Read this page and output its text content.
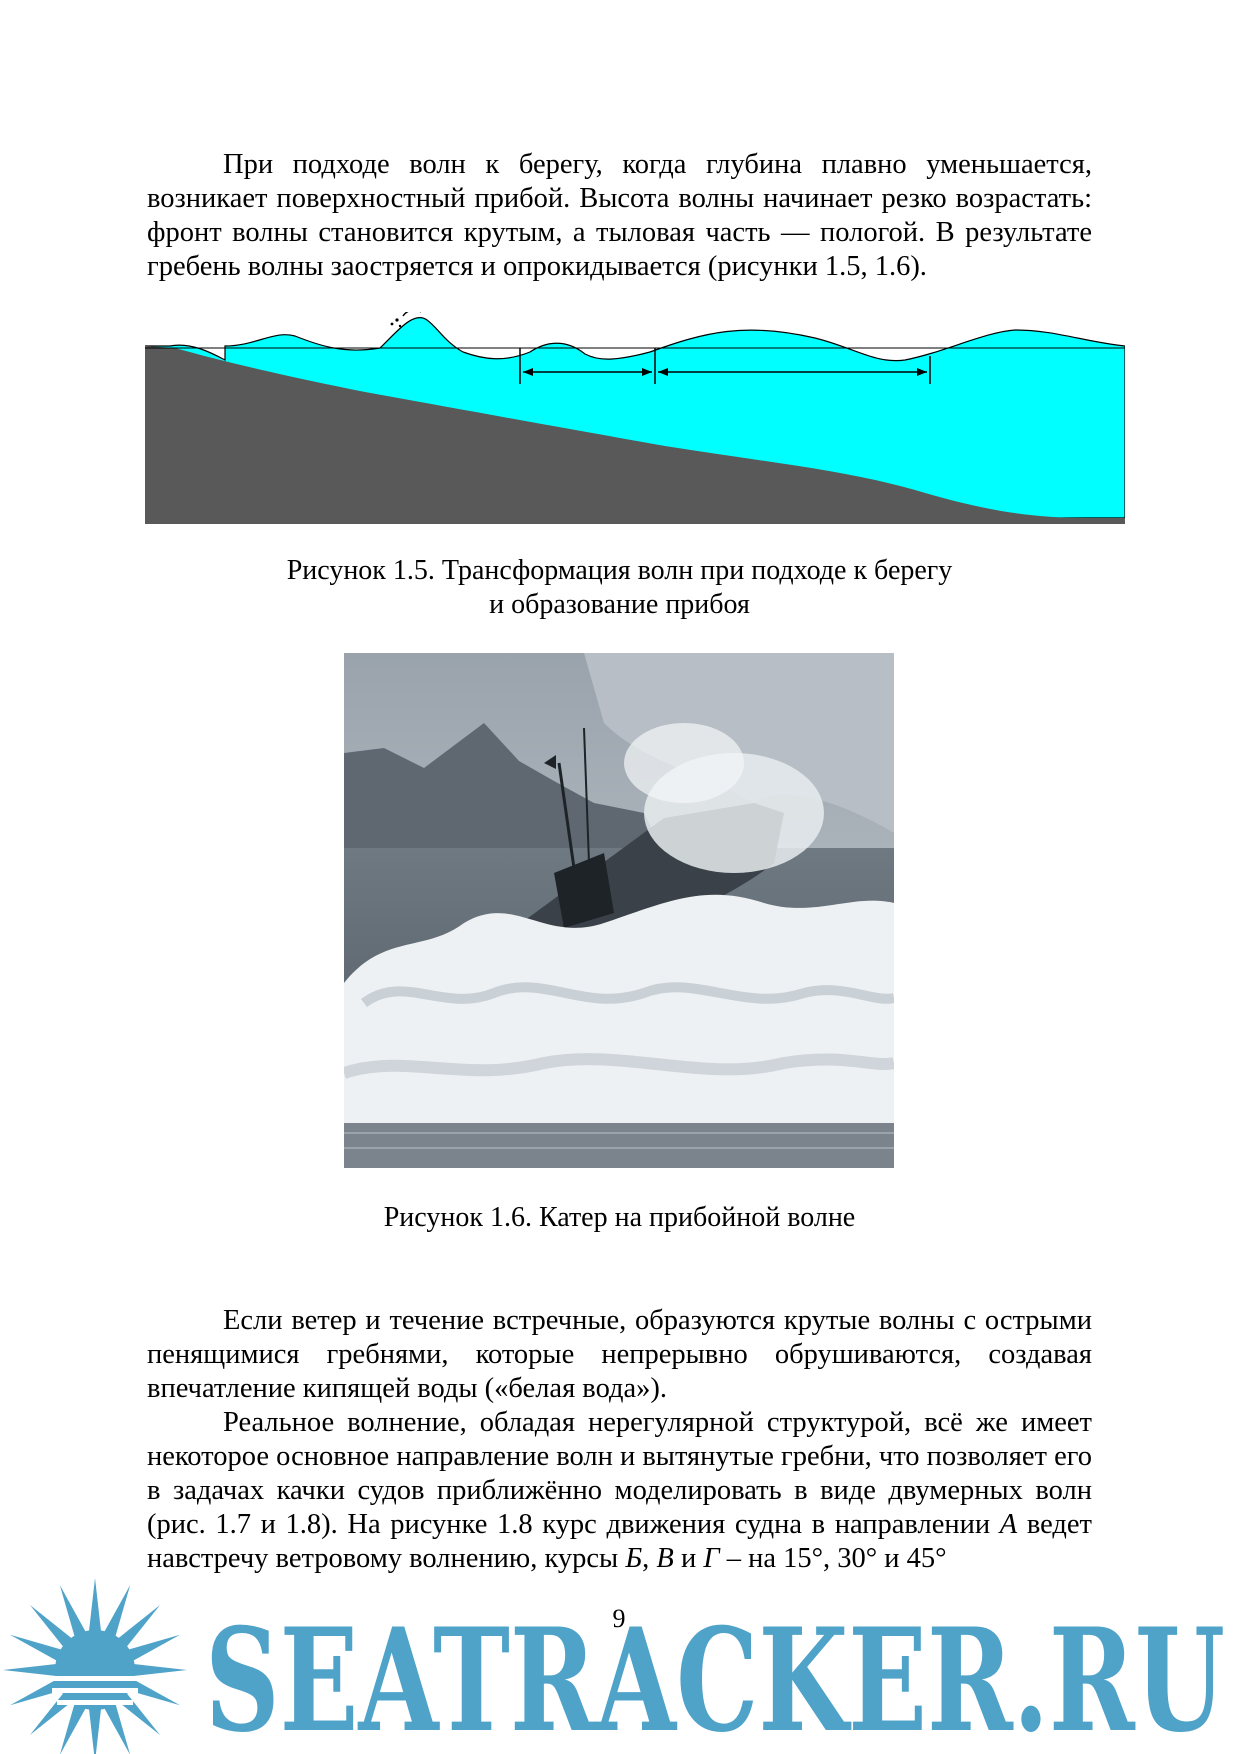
При подходе волн к берегу, когда глубина плавно уменьшается, возникает поверхностный прибой. Высота волны начинает резко возрастать: фронт волны становится крутым, а тыловая часть — пологой. В результате гребень волны заостряется и опрокидывается (рисунки 1.5, 1.6).

Рисунок 1.5. Трансформация волн при подходе к берегу
и образование прибоя

Рисунок 1.6. Катер на прибойной волне

Если ветер и течение встречные, образуются крутые волны с острыми пенящимися гребнями, которые непрерывно обрушиваются, создавая впечатление кипящей воды («белая вода»).

Реальное волнение, обладая нерегулярной структурой, всё же имеет некоторое основное направление волн и вытянутые гребни, что позволяет его в задачах качки судов приближённо моделировать в виде двумерных волн (рис. 1.7 и 1.8). На рисунке 1.8 курс движения судна в направлении А ведет навстречу ветровому волнению, курсы Б, В и Г – на 15°, 30° и 45°

SEATRACKER.RU
9
